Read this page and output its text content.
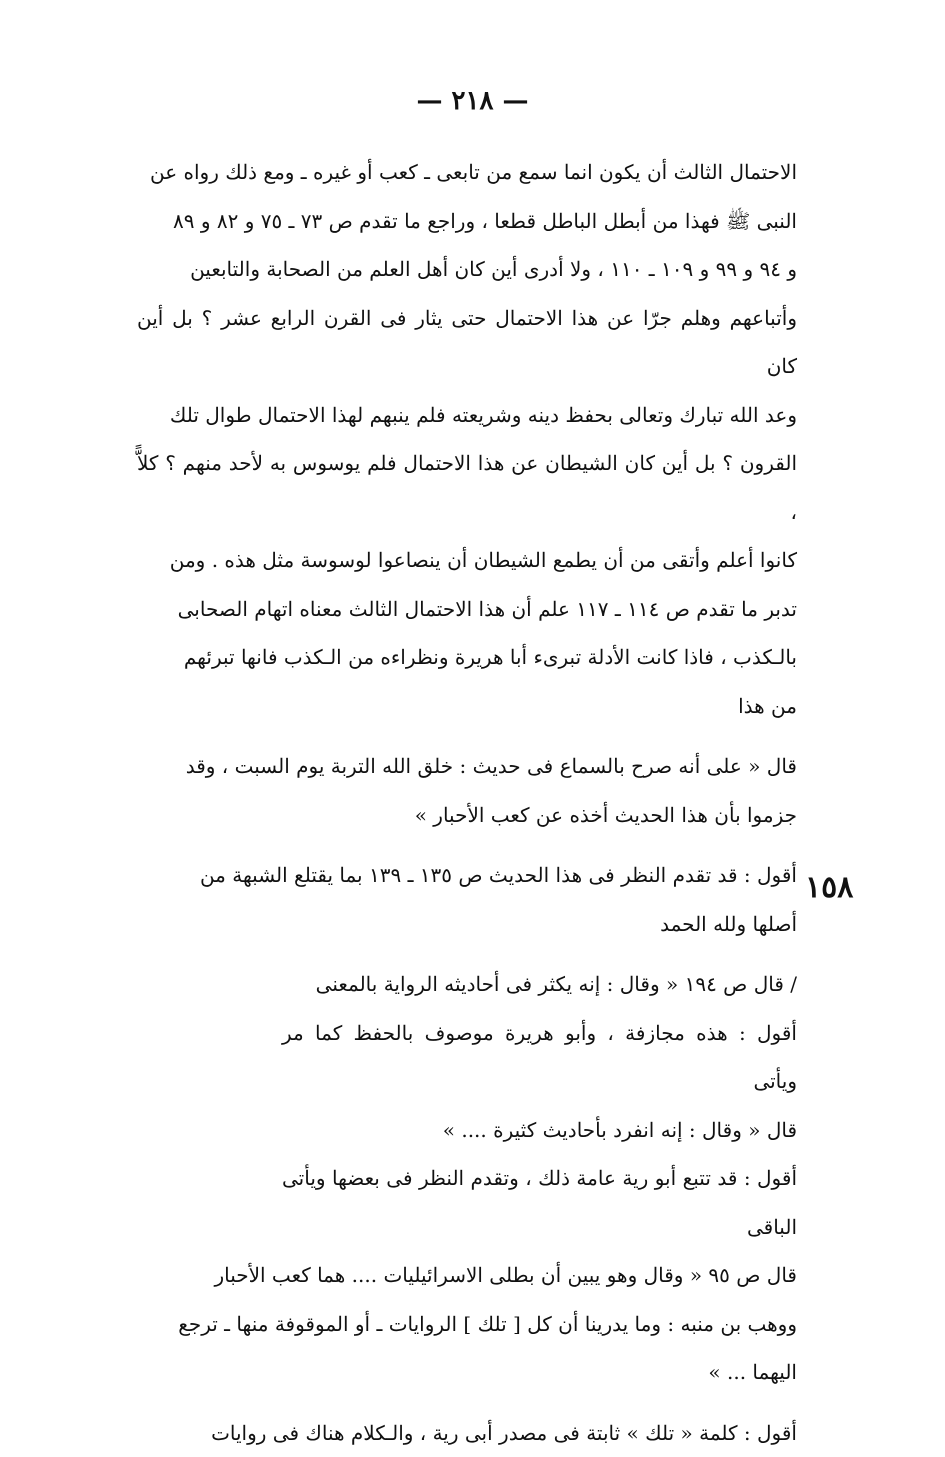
— ٢١٨ —

الاحتمال الثالث أن يكون انما سمع من تابعى ـ كعب أو غيره ـ ومع ذلك رواه عن

النبى ﷺ فهذا من أبطل الباطل قطعا ، وراجع ما تقدم ص ٧٣ ـ ٧٥ و ٨٢ و ٨٩

و ٩٤ و ٩٩ و ١٠٩ ـ ١١٠ ، ولا أدرى أين كان أهل العلم من الصحابة والتابعين

وأتباعهم وهلم جرّا عن هذا الاحتمال حتى يثار فى القرن الرابع عشر ؟ بل أين كان

وعد الله تبارك وتعالى بحفظ دينه وشريعته فلم ينبهم لهذا الاحتمال طوال تلك

القرون ؟ بل أين كان الشيطان عن هذا الاحتمال فلم يوسوس به لأحد منهم ؟ كلاًّ ،

كانوا أعلم وأتقى من أن يطمع الشيطان أن ينصاعوا لوسوسة مثل هذه . ومن

تدبر ما تقدم ص ١١٤ ـ ١١٧ علم أن هذا الاحتمال الثالث معناه اتهام الصحابى

بالـكذب ، فاذا كانت الأدلة تبرىء أبا هريرة ونظراءه من الـكذب فانها تبرئهم

من هذا

قال « على أنه صرح بالسماع فى حديث : خلق الله التربة يوم السبت ، وقد

جزموا بأن هذا الحديث أخذه عن كعب الأحبار »

أقول : قد تقدم النظر فى هذا الحديث ص ١٣٥ ـ ١٣٩ بما يقتلع الشبهة من

أصلها ولله الحمد

/ قال ص ١٩٤ « وقال : إنه يكثر فى أحاديثه الرواية بالمعنى

أقول : هذه مجازفة ، وأبو هريرة موصوف بالحفظ كما مر ويأتى

قال « وقال : إنه انفرد بأحاديث كثيرة .... »

أقول : قد تتبع أبو رية عامة ذلك ، وتقدم النظر فى بعضها ويأتى الباقى

قال ص ٩٥ « وقال وهو يبين أن بطلى الاسرائيليات .... هما كعب الأحبار

ووهب بن منبه : وما يدرينا أن كل [ تلك ] الروايات ـ أو الموقوفة منها ـ ترجع

اليهما ... »

أقول : كلمة « تلك » ثابتة فى مصدر أبى رية ، والـكلام هناك فى روايات

١٥٨
